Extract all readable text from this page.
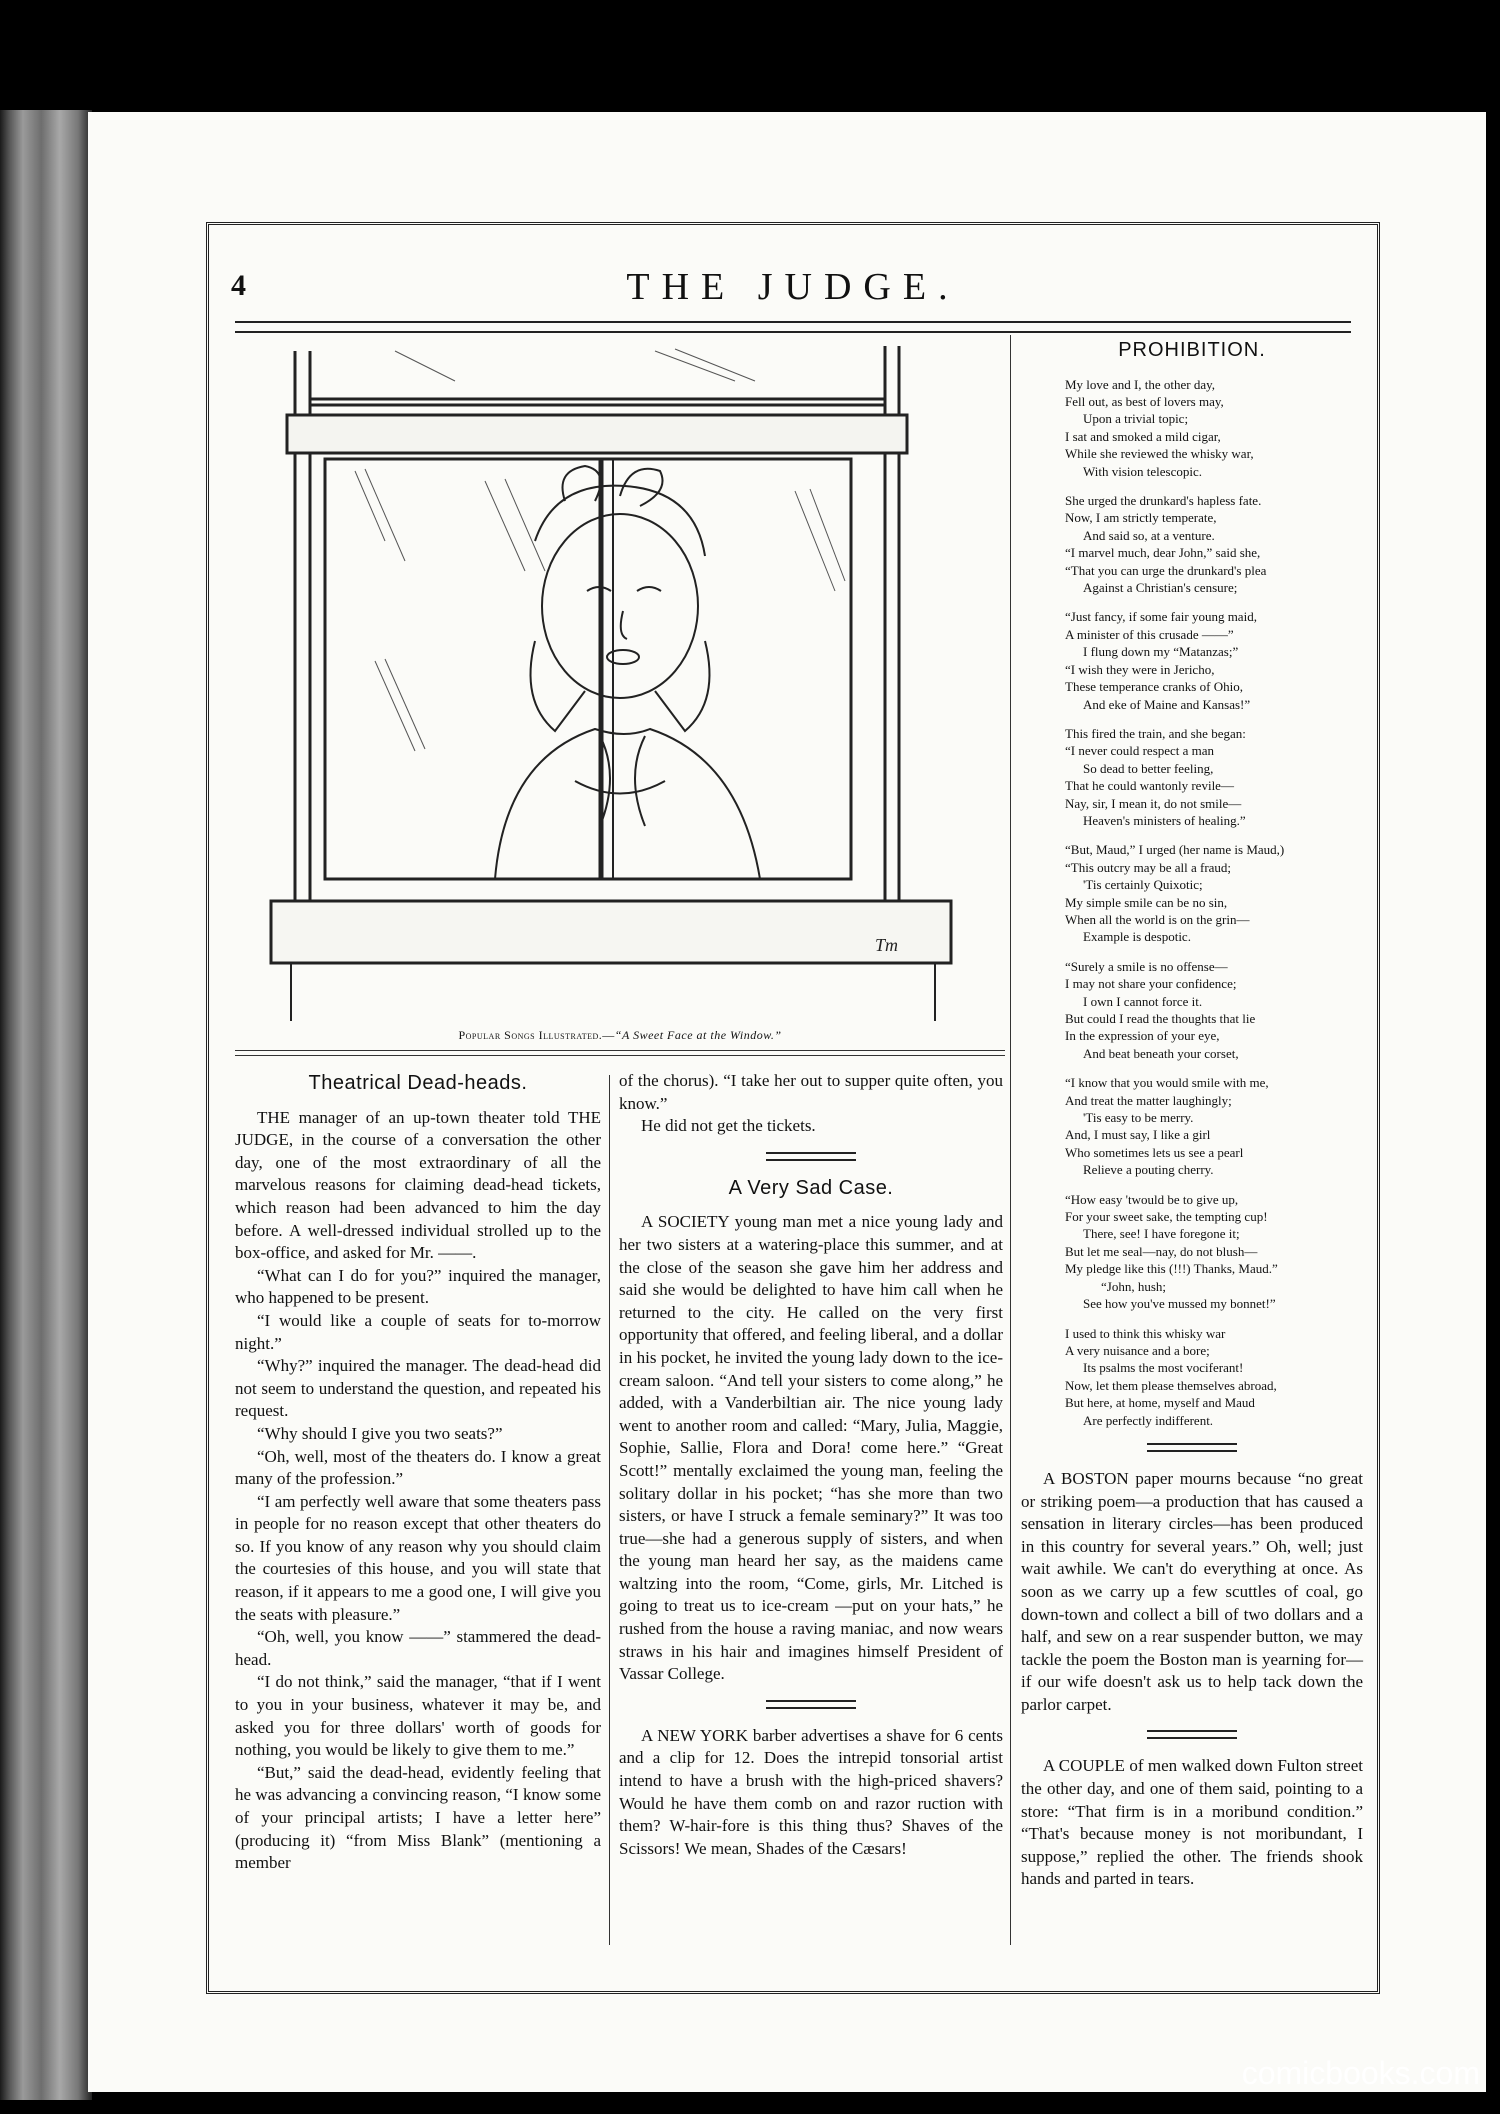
4	THE JUDGE.
Tm
Popular Songs Illustrated.—“A Sweet Face at the Window.”
Theatrical Dead-heads.

THE manager of an up-town theater told THE JUDGE, in the course of a conversation the other day, one of the most extraordinary of all the marvelous reasons for claiming dead-head tickets, which reason had been advanced to him the day before. A well-dressed individual strolled up to the box-office, and asked for Mr. ——.

“What can I do for you?” inquired the manager, who happened to be present.

“I would like a couple of seats for to-morrow night.”

“Why?” inquired the manager. The dead-head did not seem to understand the question, and repeated his request.

“Why should I give you two seats?”

“Oh, well, most of the theaters do. I know a great many of the profession.”

“I am perfectly well aware that some theaters pass in people for no reason except that other theaters do so. If you know of any reason why you should claim the courtesies of this house, and you will state that reason, if it appears to me a good one, I will give you the seats with pleasure.”

“Oh, well, you know ——” stammered the dead-head.

“I do not think,” said the manager, “that if I went to you in your business, whatever it may be, and asked you for three dollars' worth of goods for nothing, you would be likely to give them to me.”

“But,” said the dead-head, evidently feeling that he was advancing a convincing reason, “I know some of your principal artists; I have a letter here” (producing it) “from Miss Blank” (mentioning a member

of the chorus). “I take her out to supper quite often, you know.”

He did not get the tickets.

A Very Sad Case.

A SOCIETY young man met a nice young lady and her two sisters at a watering-place this summer, and at the close of the season she gave him her address and said she would be delighted to have him call when he returned to the city. He called on the very first opportunity that offered, and feeling liberal, and a dollar in his pocket, he invited the young lady down to the ice-cream saloon. “And tell your sisters to come along,” he added, with a Vanderbiltian air. The nice young lady went to another room and called: “Mary, Julia, Maggie, Sophie, Sallie, Flora and Dora! come here.” “Great Scott!” mentally exclaimed the young man, feeling the solitary dollar in his pocket; “has she more than two sisters, or have I struck a female seminary?” It was too true—she had a generous supply of sisters, and when the young man heard her say, as the maidens came waltzing into the room, “Come, girls, Mr. Litched is going to treat us to ice-cream —put on your hats,” he rushed from the house a raving maniac, and now wears straws in his hair and imagines himself President of Vassar College.

A NEW YORK barber advertises a shave for 6 cents and a clip for 12. Does the intrepid tonsorial artist intend to have a brush with the high-priced shavers? Would he have them comb on and razor ruction with them? W-hair-fore is this thing thus? Shaves of the Scissors! We mean, Shades of the Cæsars!

PROHIBITION.
My love and I, the other day,
Fell out, as best of lovers may,
Upon a trivial topic;
I sat and smoked a mild cigar,
While she reviewed the whisky war,
With vision telescopic.
She urged the drunkard's hapless fate.
Now, I am strictly temperate,
And said so, at a venture.
“I marvel much, dear John,” said she,
“That you can urge the drunkard's plea
Against a Christian's censure;
“Just fancy, if some fair young maid,
A minister of this crusade ——”
I flung down my “Matanzas;”
“I wish they were in Jericho,
These temperance cranks of Ohio,
And eke of Maine and Kansas!”
This fired the train, and she began:
“I never could respect a man
So dead to better feeling,
That he could wantonly revile—
Nay, sir, I mean it, do not smile—
Heaven's ministers of healing.”
“But, Maud,” I urged (her name is Maud,)
“This outcry may be all a fraud;
'Tis certainly Quixotic;
My simple smile can be no sin,
When all the world is on the grin—
Example is despotic.
“Surely a smile is no offense—
I may not share your confidence;
I own I cannot force it.
But could I read the thoughts that lie
In the expression of your eye,
And beat beneath your corset,
“I know that you would smile with me,
And treat the matter laughingly;
'Tis easy to be merry.
And, I must say, I like a girl
Who sometimes lets us see a pearl
Relieve a pouting cherry.
“How easy 'twould be to give up,
For your sweet sake, the tempting cup!
There, see! I have foregone it;
But let me seal—nay, do not blush—
My pledge like this (!!!) Thanks, Maud.”
“John, hush;
See how you've mussed my bonnet!”
I used to think this whisky war
A very nuisance and a bore;
Its psalms the most vociferant!
Now, let them please themselves abroad,
But here, at home, myself and Maud
Are perfectly indifferent.

A BOSTON paper mourns because “no great or striking poem—a production that has caused a sensation in literary circles—has been produced in this country for several years.” Oh, well; just wait awhile. We can't do everything at once. As soon as we carry up a few scuttles of coal, go down-town and collect a bill of two dollars and a half, and sew on a rear suspender button, we may tackle the poem the Boston man is yearning for—if our wife doesn't ask us to help tack down the parlor carpet.

A COUPLE of men walked down Fulton street the other day, and one of them said, pointing to a store: “That firm is in a moribund condition.” “That's because money is not moribundant, I suppose,” replied the other. The friends shook hands and parted in tears.

comicbooks.com
